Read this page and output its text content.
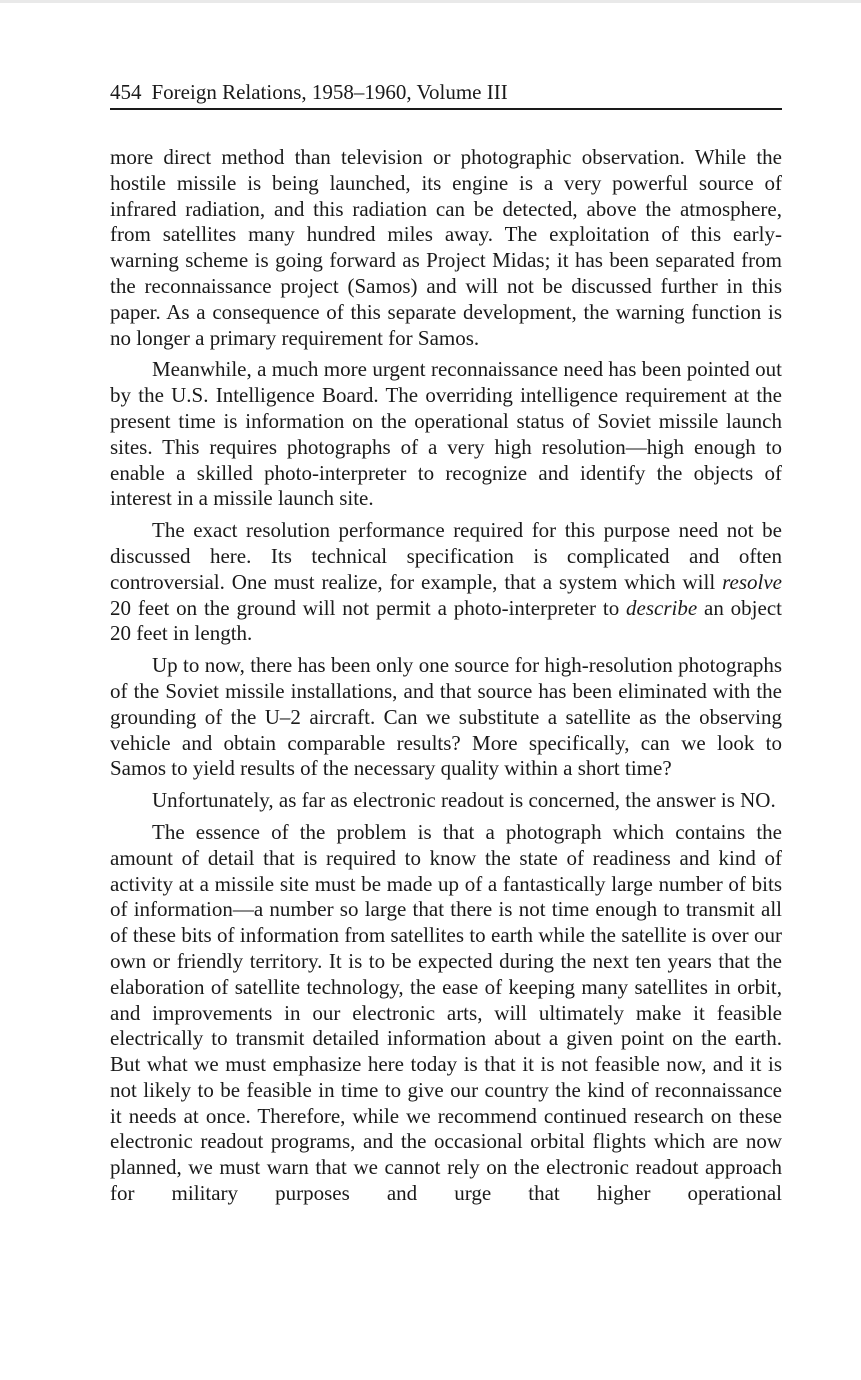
454 Foreign Relations, 1958–1960, Volume III

more direct method than television or photographic observation. While the hostile missile is being launched, its engine is a very powerful source of infrared radiation, and this radiation can be detected, above the atmosphere, from satellites many hundred miles away. The exploitation of this early-warning scheme is going forward as Project Midas; it has been separated from the reconnaissance project (Samos) and will not be discussed further in this paper. As a consequence of this separate development, the warning function is no longer a primary requirement for Samos.

Meanwhile, a much more urgent reconnaissance need has been pointed out by the U.S. Intelligence Board. The overriding intelligence requirement at the present time is information on the operational status of Soviet missile launch sites. This requires photographs of a very high resolution—high enough to enable a skilled photo-interpreter to recognize and identify the objects of interest in a missile launch site.

The exact resolution performance required for this purpose need not be discussed here. Its technical specification is complicated and often controversial. One must realize, for example, that a system which will resolve 20 feet on the ground will not permit a photo-interpreter to describe an object 20 feet in length.

Up to now, there has been only one source for high-resolution photographs of the Soviet missile installations, and that source has been eliminated with the grounding of the U–2 aircraft. Can we substitute a satellite as the observing vehicle and obtain comparable results? More specifically, can we look to Samos to yield results of the necessary quality within a short time?

Unfortunately, as far as electronic readout is concerned, the answer is NO.

The essence of the problem is that a photograph which contains the amount of detail that is required to know the state of readiness and kind of activity at a missile site must be made up of a fantastically large number of bits of information—a number so large that there is not time enough to transmit all of these bits of information from satellites to earth while the satellite is over our own or friendly territory. It is to be expected during the next ten years that the elaboration of satellite technology, the ease of keeping many satellites in orbit, and improvements in our electronic arts, will ultimately make it feasible electrically to transmit detailed information about a given point on the earth. But what we must emphasize here today is that it is not feasible now, and it is not likely to be feasible in time to give our country the kind of reconnaissance it needs at once. Therefore, while we recommend continued research on these electronic readout programs, and the occasional orbital flights which are now planned, we must warn that we cannot rely on the electronic readout approach for military purposes and urge that higher operational
